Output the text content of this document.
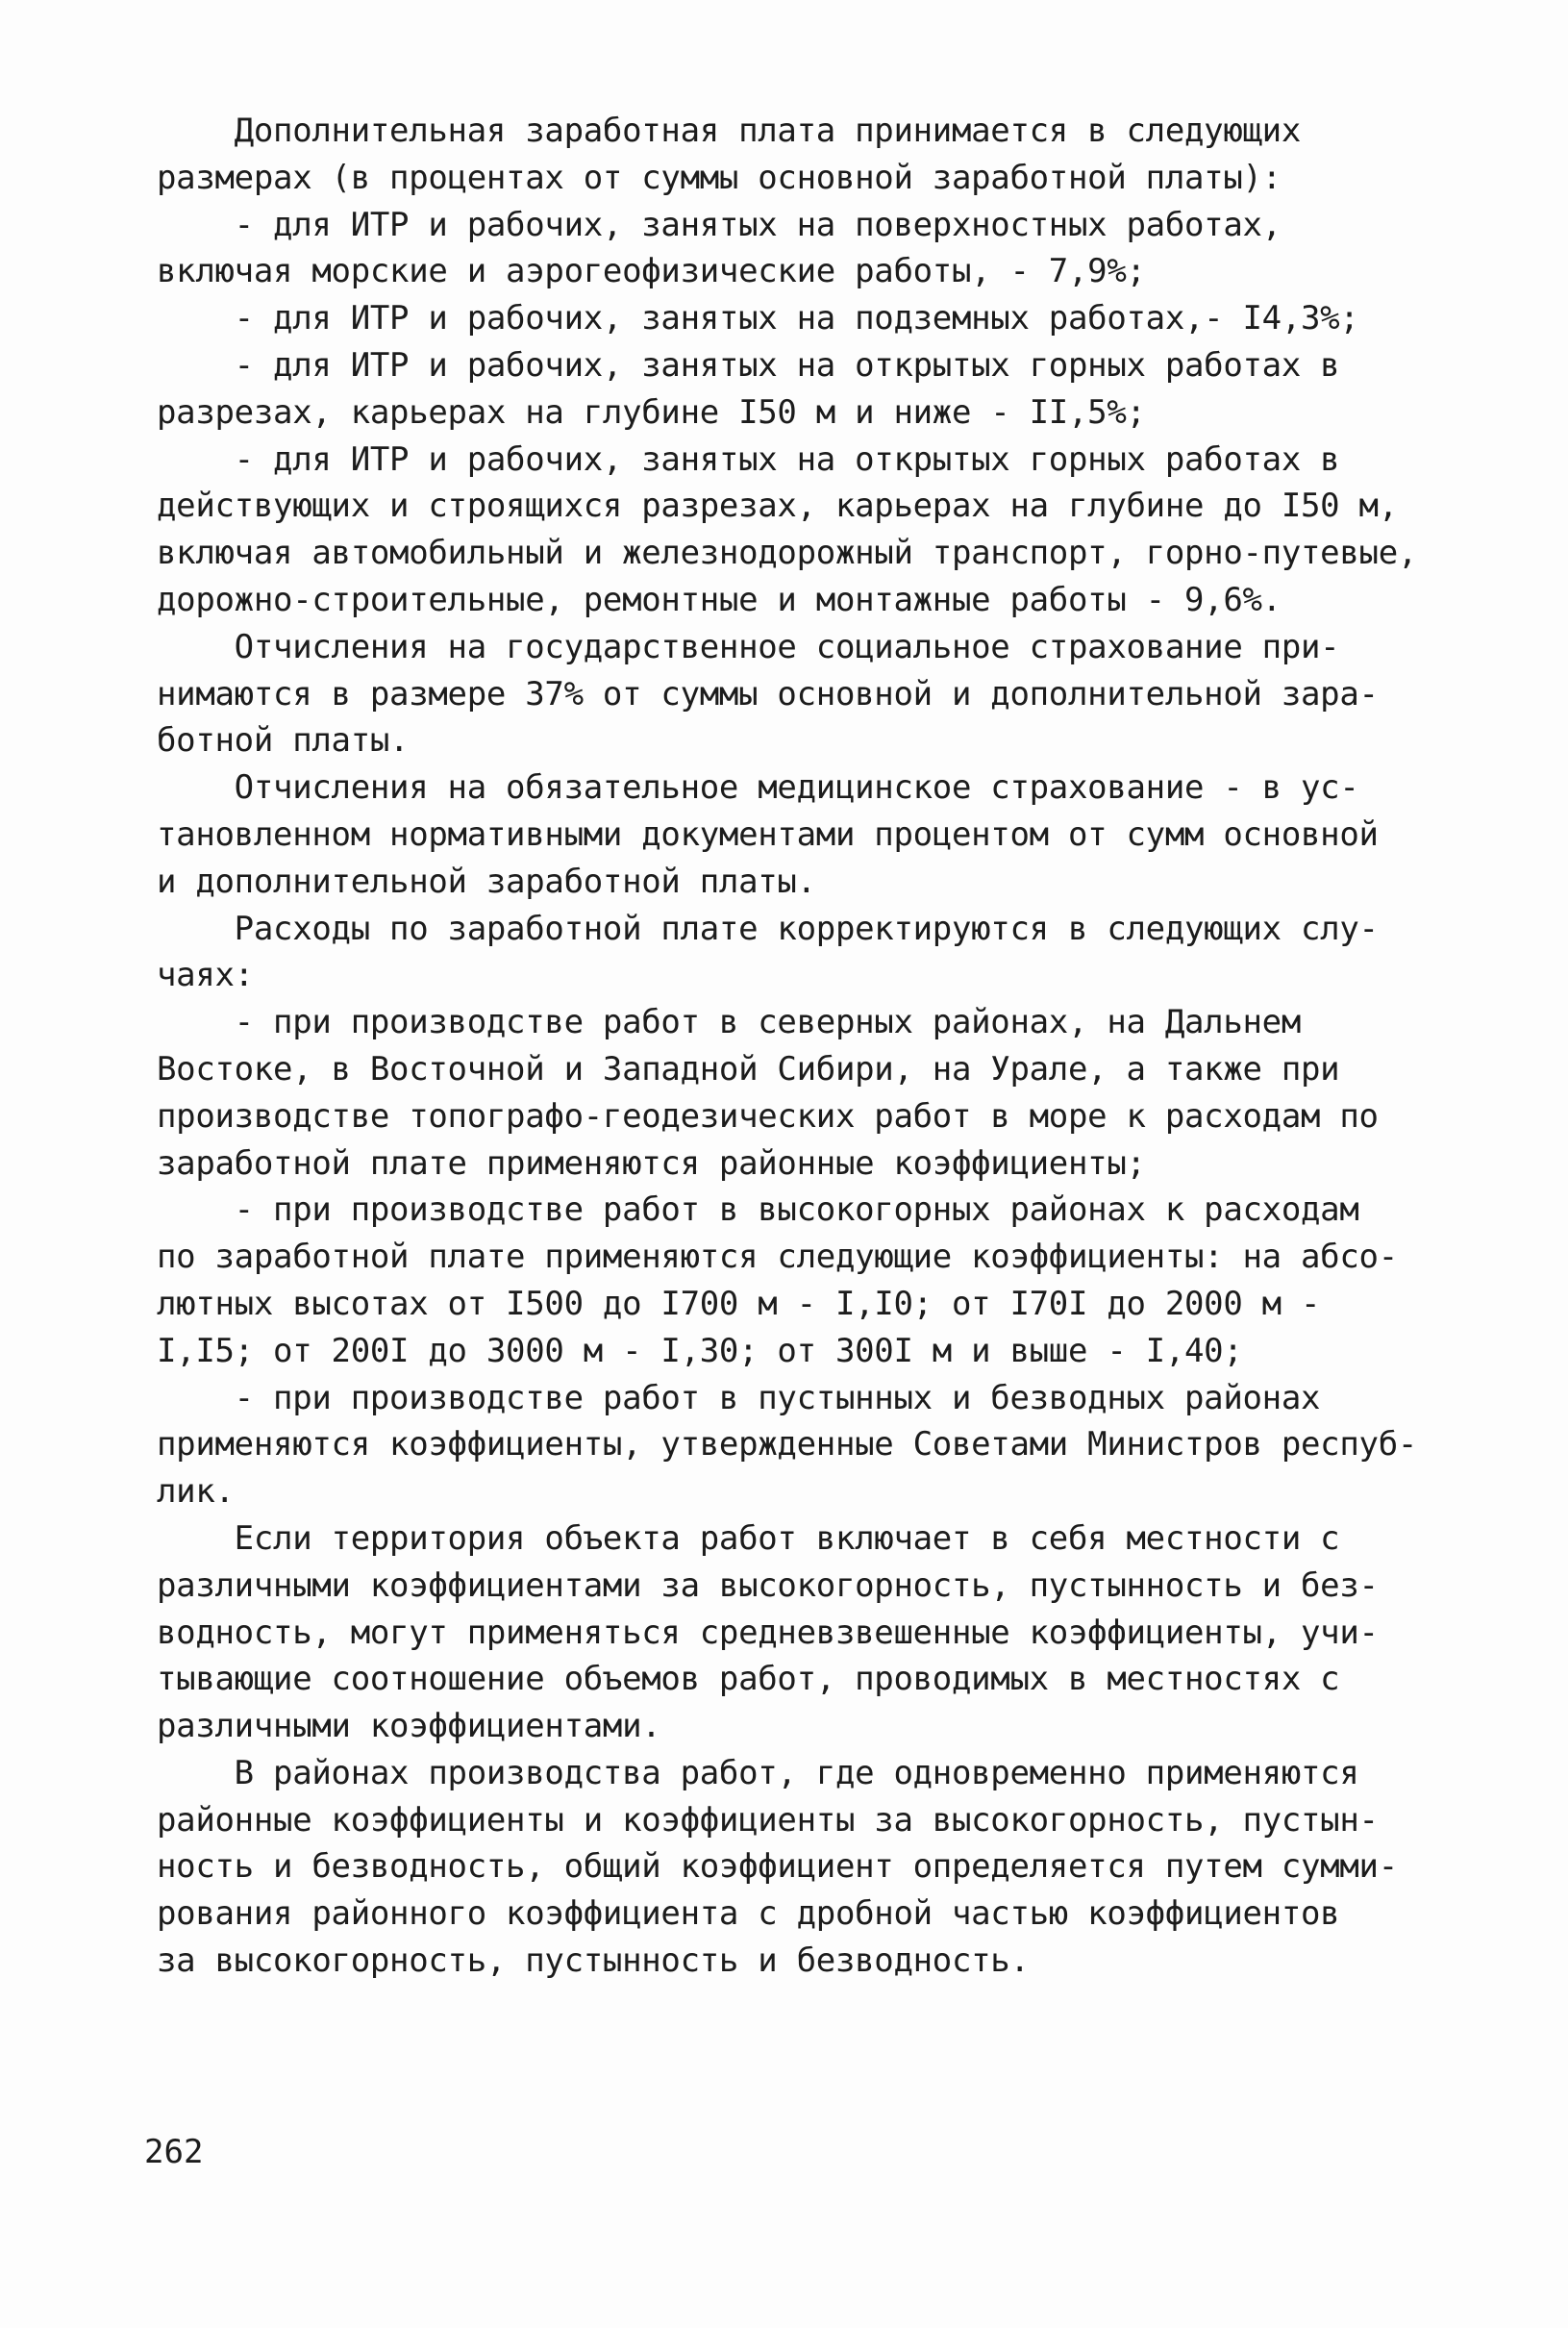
Дополнительная заработная плата принимается в следующих
размерах (в процентах от суммы основной заработной платы):
- для ИТР и рабочих, занятых на поверхностных работах,
включая морские и аэрогеофизические работы, - 7,9%;
- для ИТР и рабочих, занятых на подземных работах,- I4,3%;
- для ИТР и рабочих, занятых на открытых горных работах в
разрезах, карьерах на глубине I50 м и ниже - II,5%;
- для ИТР и рабочих, занятых на открытых горных работах в
действующих и строящихся разрезах, карьерах на глубине до I50 м,
включая автомобильный и железнодорожный транспорт, горно-путевые,
дорожно-строительные, ремонтные и монтажные работы - 9,6%.
Отчисления на государственное социальное страхование при-
нимаются в размере 37% от суммы основной и дополнительной зара-
ботной платы.
Отчисления на обязательное медицинское страхование - в ус-
тановленном нормативными документами процентом от сумм основной
и дополнительной заработной платы.
Расходы по заработной плате корректируются в следующих слу-
чаях:
- при производстве работ в северных районах, на Дальнем
Востоке, в Восточной и Западной Сибири, на Урале, а также при
производстве топографо-геодезических работ в море к расходам по
заработной плате применяются районные коэффициенты;
- при производстве работ в высокогорных районах к расходам
по заработной плате применяются следующие коэффициенты: на абсо-
лютных высотах от I500 до I700 м - I,I0; от I70I до 2000 м -
I,I5; от 200I до 3000 м - I,30; от 300I м и выше - I,40;
- при производстве работ в пустынных и безводных районах
применяются коэффициенты, утвержденные Советами Министров респуб-
лик.
Если территория объекта работ включает в себя местности с
различными коэффициентами за высокогорность, пустынность и без-
водность, могут применяться средневзвешенные коэффициенты, учи-
тывающие соотношение объемов работ, проводимых в местностях с
различными коэффициентами.
В районах производства работ, где одновременно применяются
районные коэффициенты и коэффициенты за высокогорность, пустын-
ность и безводность, общий коэффициент определяется путем сумми-
рования районного коэффициента с дробной частью коэффициентов
за высокогорность, пустынность и безводность.
262
